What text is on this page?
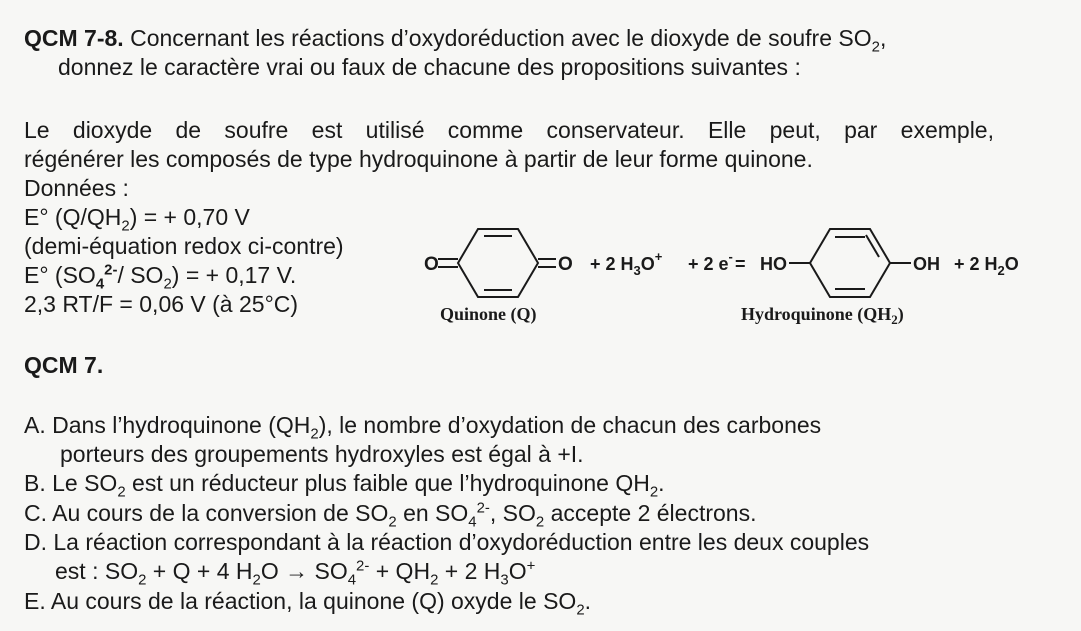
QCM 7-8. Concernant les réactions d’oxydoréduction avec le dioxyde de soufre $SO_2$,
donnez le caractère vrai ou faux de chacune des propositions suivantes :
Le dioxyde de soufre est utilisé comme conservateur. Elle peut, par exemple,
régénérer les composés de type hydroquinone à partir de leur forme quinone.
Données :
E° $(Q/QH_2)$ = + 0,70 V
(demi-équation redox ci-contre)
E° ($SO_4^{2-}/$ $SO_2$) = + 0,17 V.
2,3 RT/F = 0,06 V (à 25°C)
O	O + 2 $H_3O^+ + 2$ e- = HO	OH + 2 $H_2O$
Quinone (Q)	Hydroquinone $(QH_2)$
QCM 7.
A. Dans l’hydroquinone $(QH_2)$, le nombre d’oxydation de chacun des carbones
porteurs des groupements hydroxyles est égal à +I.
B. Le $SO_2$ est un réducteur plus faible que l’hydroquinone $QH_2$.
C. Au cours de la conversion de $SO_2$ en $SO_4^{2-}$, $SO_2$ accepte 2 électrons.
D. La réaction correspondant à la réaction d’oxydoréduction entre les deux couples
est : $SO_2 + Q + 4$ $H_2O \to SO_4^{2-} + QH_2 + 2$ $H_3O^+$
E. Au cours de la réaction, la quinone (Q) oxyde le $SO_2$.
